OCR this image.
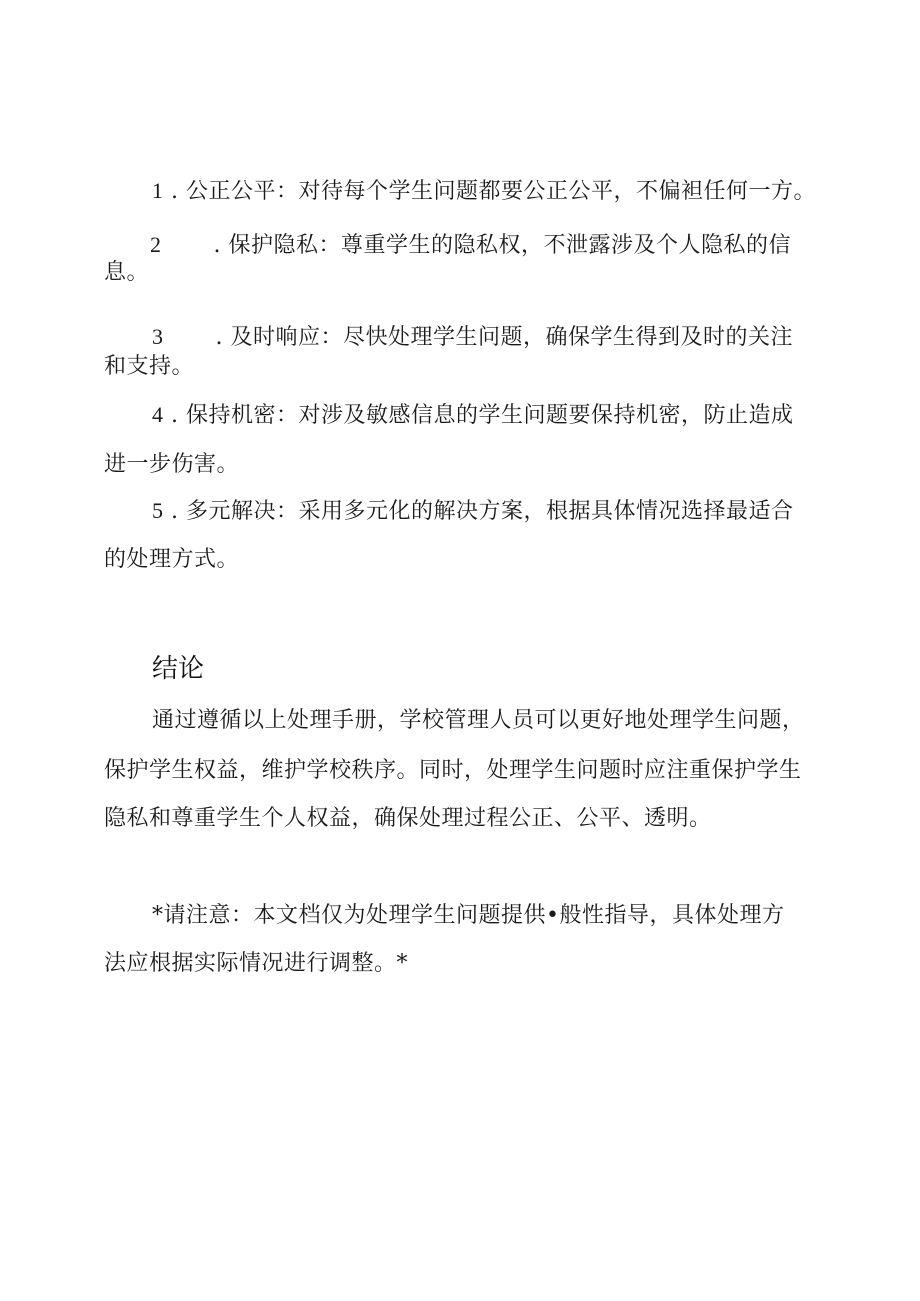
1 . 公正公平：对待每个学生问题都要公正公平，不偏袒任何一方。
2 . 保护隐私：尊重学生的隐私权，不泄露涉及个人隐私的信
息。
3 . 及时响应：尽快处理学生问题，确保学生得到及时的关注
和支持。
4 . 保持机密：对涉及敏感信息的学生问题要保持机密，防止造成
进一步伤害。
5 . 多元解决：采用多元化的解决方案，根据具体情况选择最适合
的处理方式。
结论
通过遵循以上处理手册，学校管理人员可以更好地处理学生问题，
保护学生权益，维护学校秩序。同时，处理学生问题时应注重保护学生
隐私和尊重学生个人权益，确保处理过程公正、公平、透明。
*请注意：本文档仅为处理学生问题提供•般性指导，具体处理方
法应根据实际情况进行调整。*
